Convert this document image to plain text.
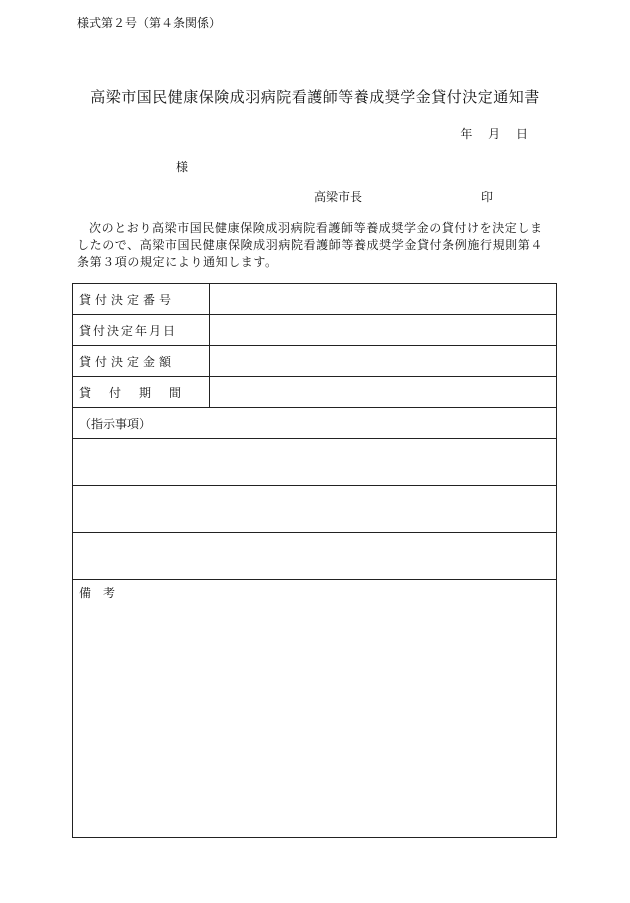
様式第２号（第４条関係）
高梁市国民健康保険成羽病院看護師等養成奨学金貸付決定通知書
年 月 日
様
高梁市長	印
次のとおり高梁市国民健康保険成羽病院看護師等養成奨学金の貸付けを決定しましたので、高梁市国民健康保険成羽病院看護師等養成奨学金貸付条例施行規則第４条第３項の規定により通知します。
貸付決定番号	
貸付決定年月日	
貸付決定金額	
貸付期間	
（指示事項）	

備　考	
